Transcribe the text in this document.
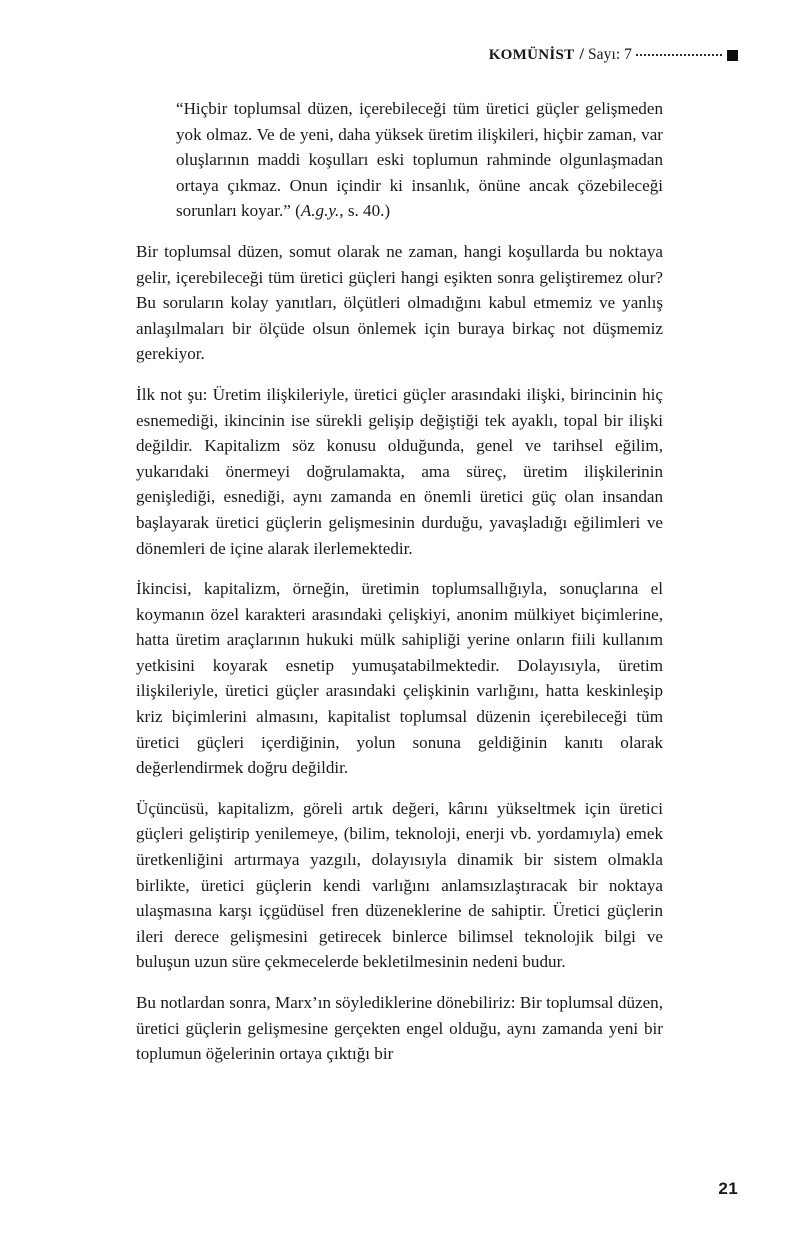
KOMÜNİST / Sayı: 7

“Hiçbir toplumsal düzen, içerebileceği tüm üretici güçler gelişmeden yok olmaz. Ve de yeni, daha yüksek üretim ilişkileri, hiçbir zaman, var oluşlarının maddi koşulları eski toplumun rahminde olgunlaşmadan ortaya çıkmaz. Onun içindir ki insanlık, önüne ancak çözebileceği sorunları koyar.” (A.g.y., s. 40.)

Bir toplumsal düzen, somut olarak ne zaman, hangi koşullarda bu noktaya gelir, içerebileceği tüm üretici güçleri hangi eşikten sonra geliştiremez olur? Bu soruların kolay yanıtları, ölçütleri olmadığını kabul etmemiz ve yanlış anlaşılmaları bir ölçüde olsun önlemek için buraya birkaç not düşmemiz gerekiyor.

İlk not şu: Üretim ilişkileriyle, üretici güçler arasındaki ilişki, birincinin hiç esnemediği, ikincinin ise sürekli gelişip değiştiği tek ayaklı, topal bir ilişki değildir. Kapitalizm söz konusu olduğunda, genel ve tarihsel eğilim, yukarıdaki önermeyi doğrulamakta, ama süreç, üretim ilişkilerinin genişlediği, esnediği, aynı zamanda en önemli üretici güç olan insandan başlayarak üretici güçlerin gelişmesinin durduğu, yavaşladığı eğilimleri ve dönemleri de içine alarak ilerlemektedir.

İkincisi, kapitalizm, örneğin, üretimin toplumsallığıyla, sonuçlarına el koymanın özel karakteri arasındaki çelişkiyi, anonim mülkiyet biçimlerine, hatta üretim araçlarının hukuki mülk sahipliği yerine onların fiili kullanım yetkisini koyarak esnetip yumuşatabilmektedir. Dolayısıyla, üretim ilişkileriyle, üretici güçler arasındaki çelişkinin varlığını, hatta keskinleşip kriz biçimlerini almasını, kapitalist toplumsal düzenin içerebileceği tüm üretici güçleri içerdiğinin, yolun sonuna geldiğinin kanıtı olarak değerlendirmek doğru değildir.

Üçüncüsü, kapitalizm, göreli artık değeri, kârını yükseltmek için üretici güçleri geliştirip yenilemeye, (bilim, teknoloji, enerji vb. yordamıyla) emek üretkenliğini artırmaya yazgılı, dolayısıyla dinamik bir sistem olmakla birlikte, üretici güçlerin kendi varlığını anlamsızlaştıracak bir noktaya ulaşmasına karşı içgüdüsel fren düzeneklerine de sahiptir. Üretici güçlerin ileri derece gelişmesini getirecek binlerce bilimsel teknolojik bilgi ve buluşun uzun süre çekmecelerde bekletilmesinin nedeni budur.

Bu notlardan sonra, Marx’ın söylediklerine dönebiliriz: Bir toplumsal düzen, üretici güçlerin gelişmesine gerçekten engel olduğu, aynı zamanda yeni bir toplumun öğelerinin ortaya çıktığı bir

21
